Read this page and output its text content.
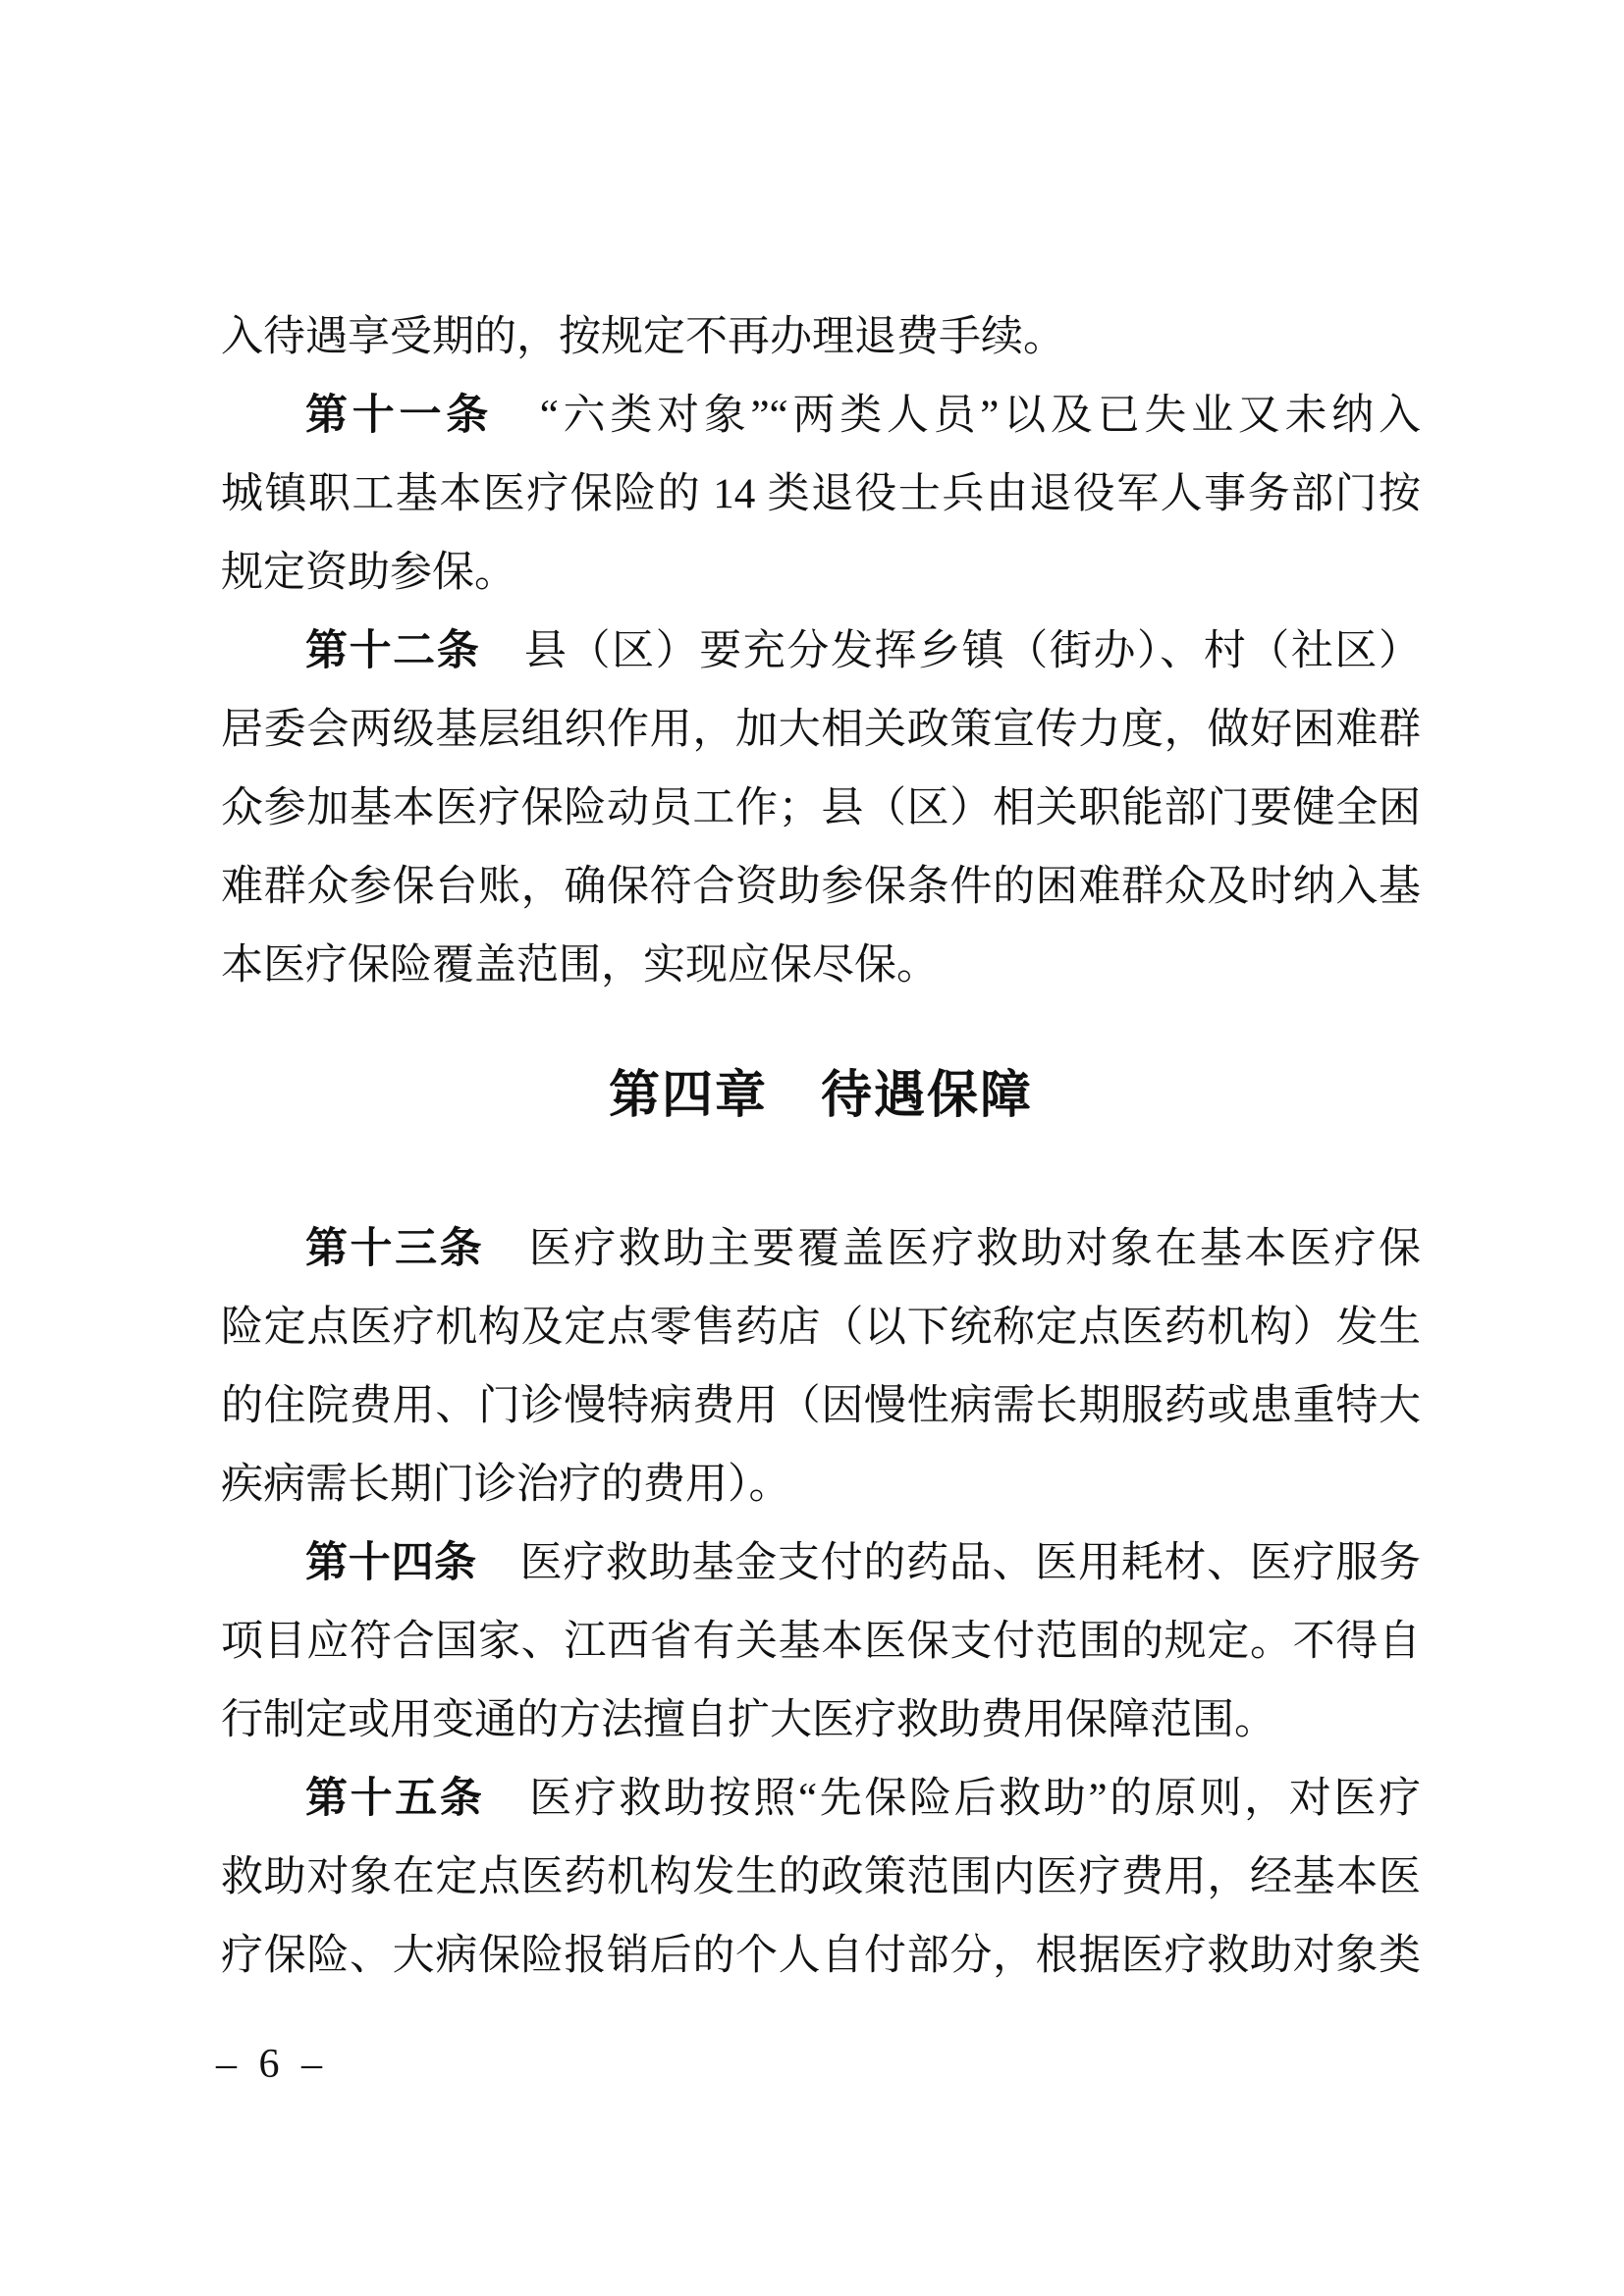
入待遇享受期的，按规定不再办理退费手续。
第十一条　“六类对象”“两类人员”以及已失业又未纳入
城镇职工基本医疗保险的 14 类退役士兵由退役军人事务部门按
规定资助参保。
第十二条　县（区）要充分发挥乡镇（街办）、村（社区）
居委会两级基层组织作用，加大相关政策宣传力度，做好困难群
众参加基本医疗保险动员工作；县（区）相关职能部门要健全困
难群众参保台账，确保符合资助参保条件的困难群众及时纳入基
本医疗保险覆盖范围，实现应保尽保。
第四章　待遇保障
第十三条　医疗救助主要覆盖医疗救助对象在基本医疗保
险定点医疗机构及定点零售药店（以下统称定点医药机构）发生
的住院费用、门诊慢特病费用（因慢性病需长期服药或患重特大
疾病需长期门诊治疗的费用）。
第十四条　医疗救助基金支付的药品、医用耗材、医疗服务
项目应符合国家、江西省有关基本医保支付范围的规定。不得自
行制定或用变通的方法擅自扩大医疗救助费用保障范围。
第十五条　医疗救助按照“先保险后救助”的原则，对医疗
救助对象在定点医药机构发生的政策范围内医疗费用，经基本医
疗保险、大病保险报销后的个人自付部分，根据医疗救助对象类
– 6 –
